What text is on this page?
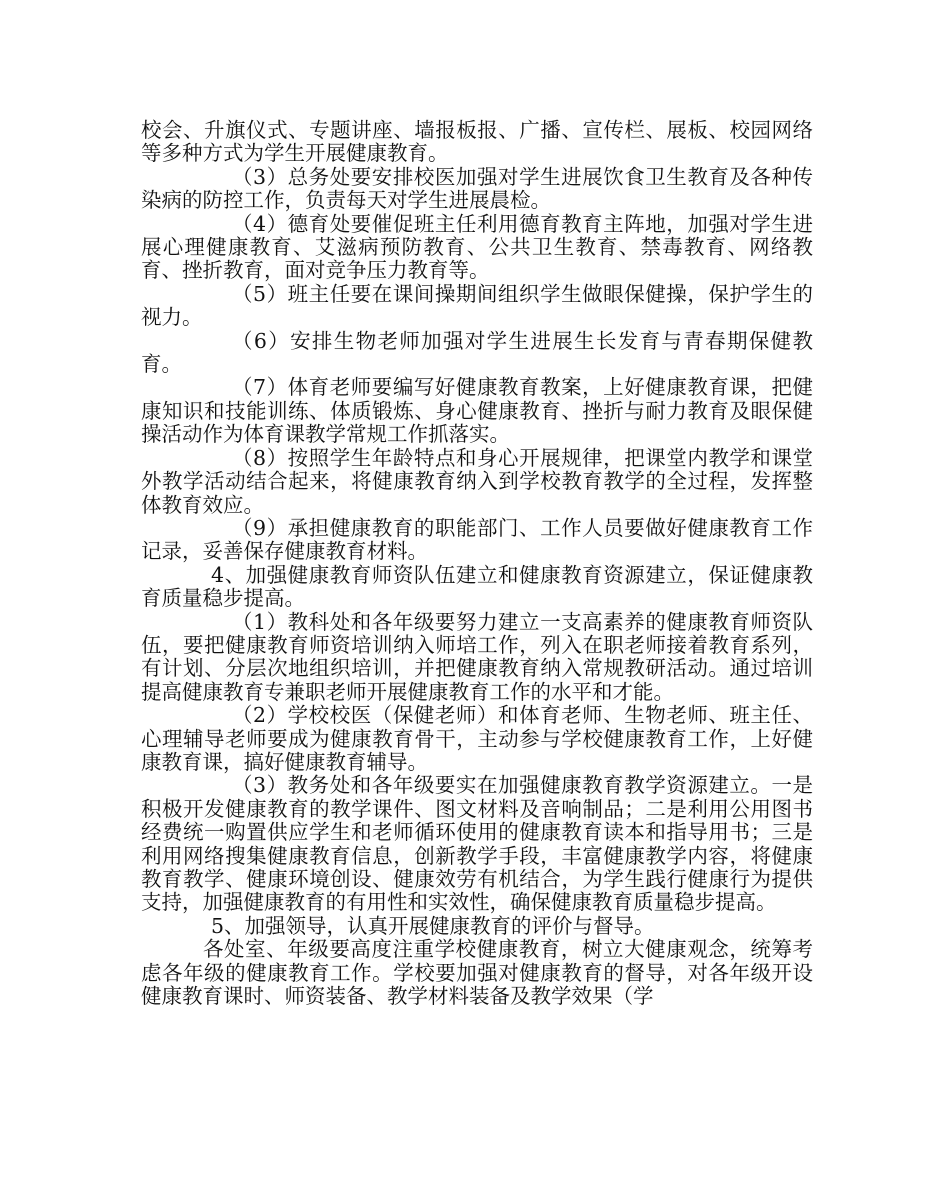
校会、升旗仪式、专题讲座、墙报板报、广播、宣传栏、展板、校园网络等多种方式为学生开展健康教育。

（3）总务处要安排校医加强对学生进展饮食卫生教育及各种传染病的防控工作，负责每天对学生进展晨检。

（4）德育处要催促班主任利用德育教育主阵地，加强对学生进展心理健康教育、艾滋病预防教育、公共卫生教育、禁毒教育、网络教育、挫折教育，面对竞争压力教育等。

（5）班主任要在课间操期间组织学生做眼保健操，保护学生的视力。

（6）安排生物老师加强对学生进展生长发育与青春期保健教育。

（7）体育老师要编写好健康教育教案，上好健康教育课，把健康知识和技能训练、体质锻炼、身心健康教育、挫折与耐力教育及眼保健操活动作为体育课教学常规工作抓落实。

（8）按照学生年龄特点和身心开展规律，把课堂内教学和课堂外教学活动结合起来，将健康教育纳入到学校教育教学的全过程，发挥整体教育效应。

（9）承担健康教育的职能部门、工作人员要做好健康教育工作记录，妥善保存健康教育材料。

4、加强健康教育师资队伍建立和健康教育资源建立，保证健康教育质量稳步提高。

（1）教科处和各年级要努力建立一支高素养的健康教育师资队伍，要把健康教育师资培训纳入师培工作，列入在职老师接着教育系列，有计划、分层次地组织培训，并把健康教育纳入常规教研活动。通过培训提高健康教育专兼职老师开展健康教育工作的水平和才能。

（2）学校校医（保健老师）和体育老师、生物老师、班主任、心理辅导老师要成为健康教育骨干，主动参与学校健康教育工作，上好健康教育课，搞好健康教育辅导。

（3）教务处和各年级要实在加强健康教育教学资源建立。一是积极开发健康教育的教学课件、图文材料及音响制品；二是利用公用图书经费统一购置供应学生和老师循环使用的健康教育读本和指导用书；三是利用网络搜集健康教育信息，创新教学手段，丰富健康教学内容，将健康教育教学、健康环境创设、健康效劳有机结合，为学生践行健康行为提供支持，加强健康教育的有用性和实效性，确保健康教育质量稳步提高。

5、加强领导，认真开展健康教育的评价与督导。

各处室、年级要高度注重学校健康教育，树立大健康观念，统筹考虑各年级的健康教育工作。学校要加强对健康教育的督导，对各年级开设健康教育课时、师资装备、教学材料装备及教学效果（学
